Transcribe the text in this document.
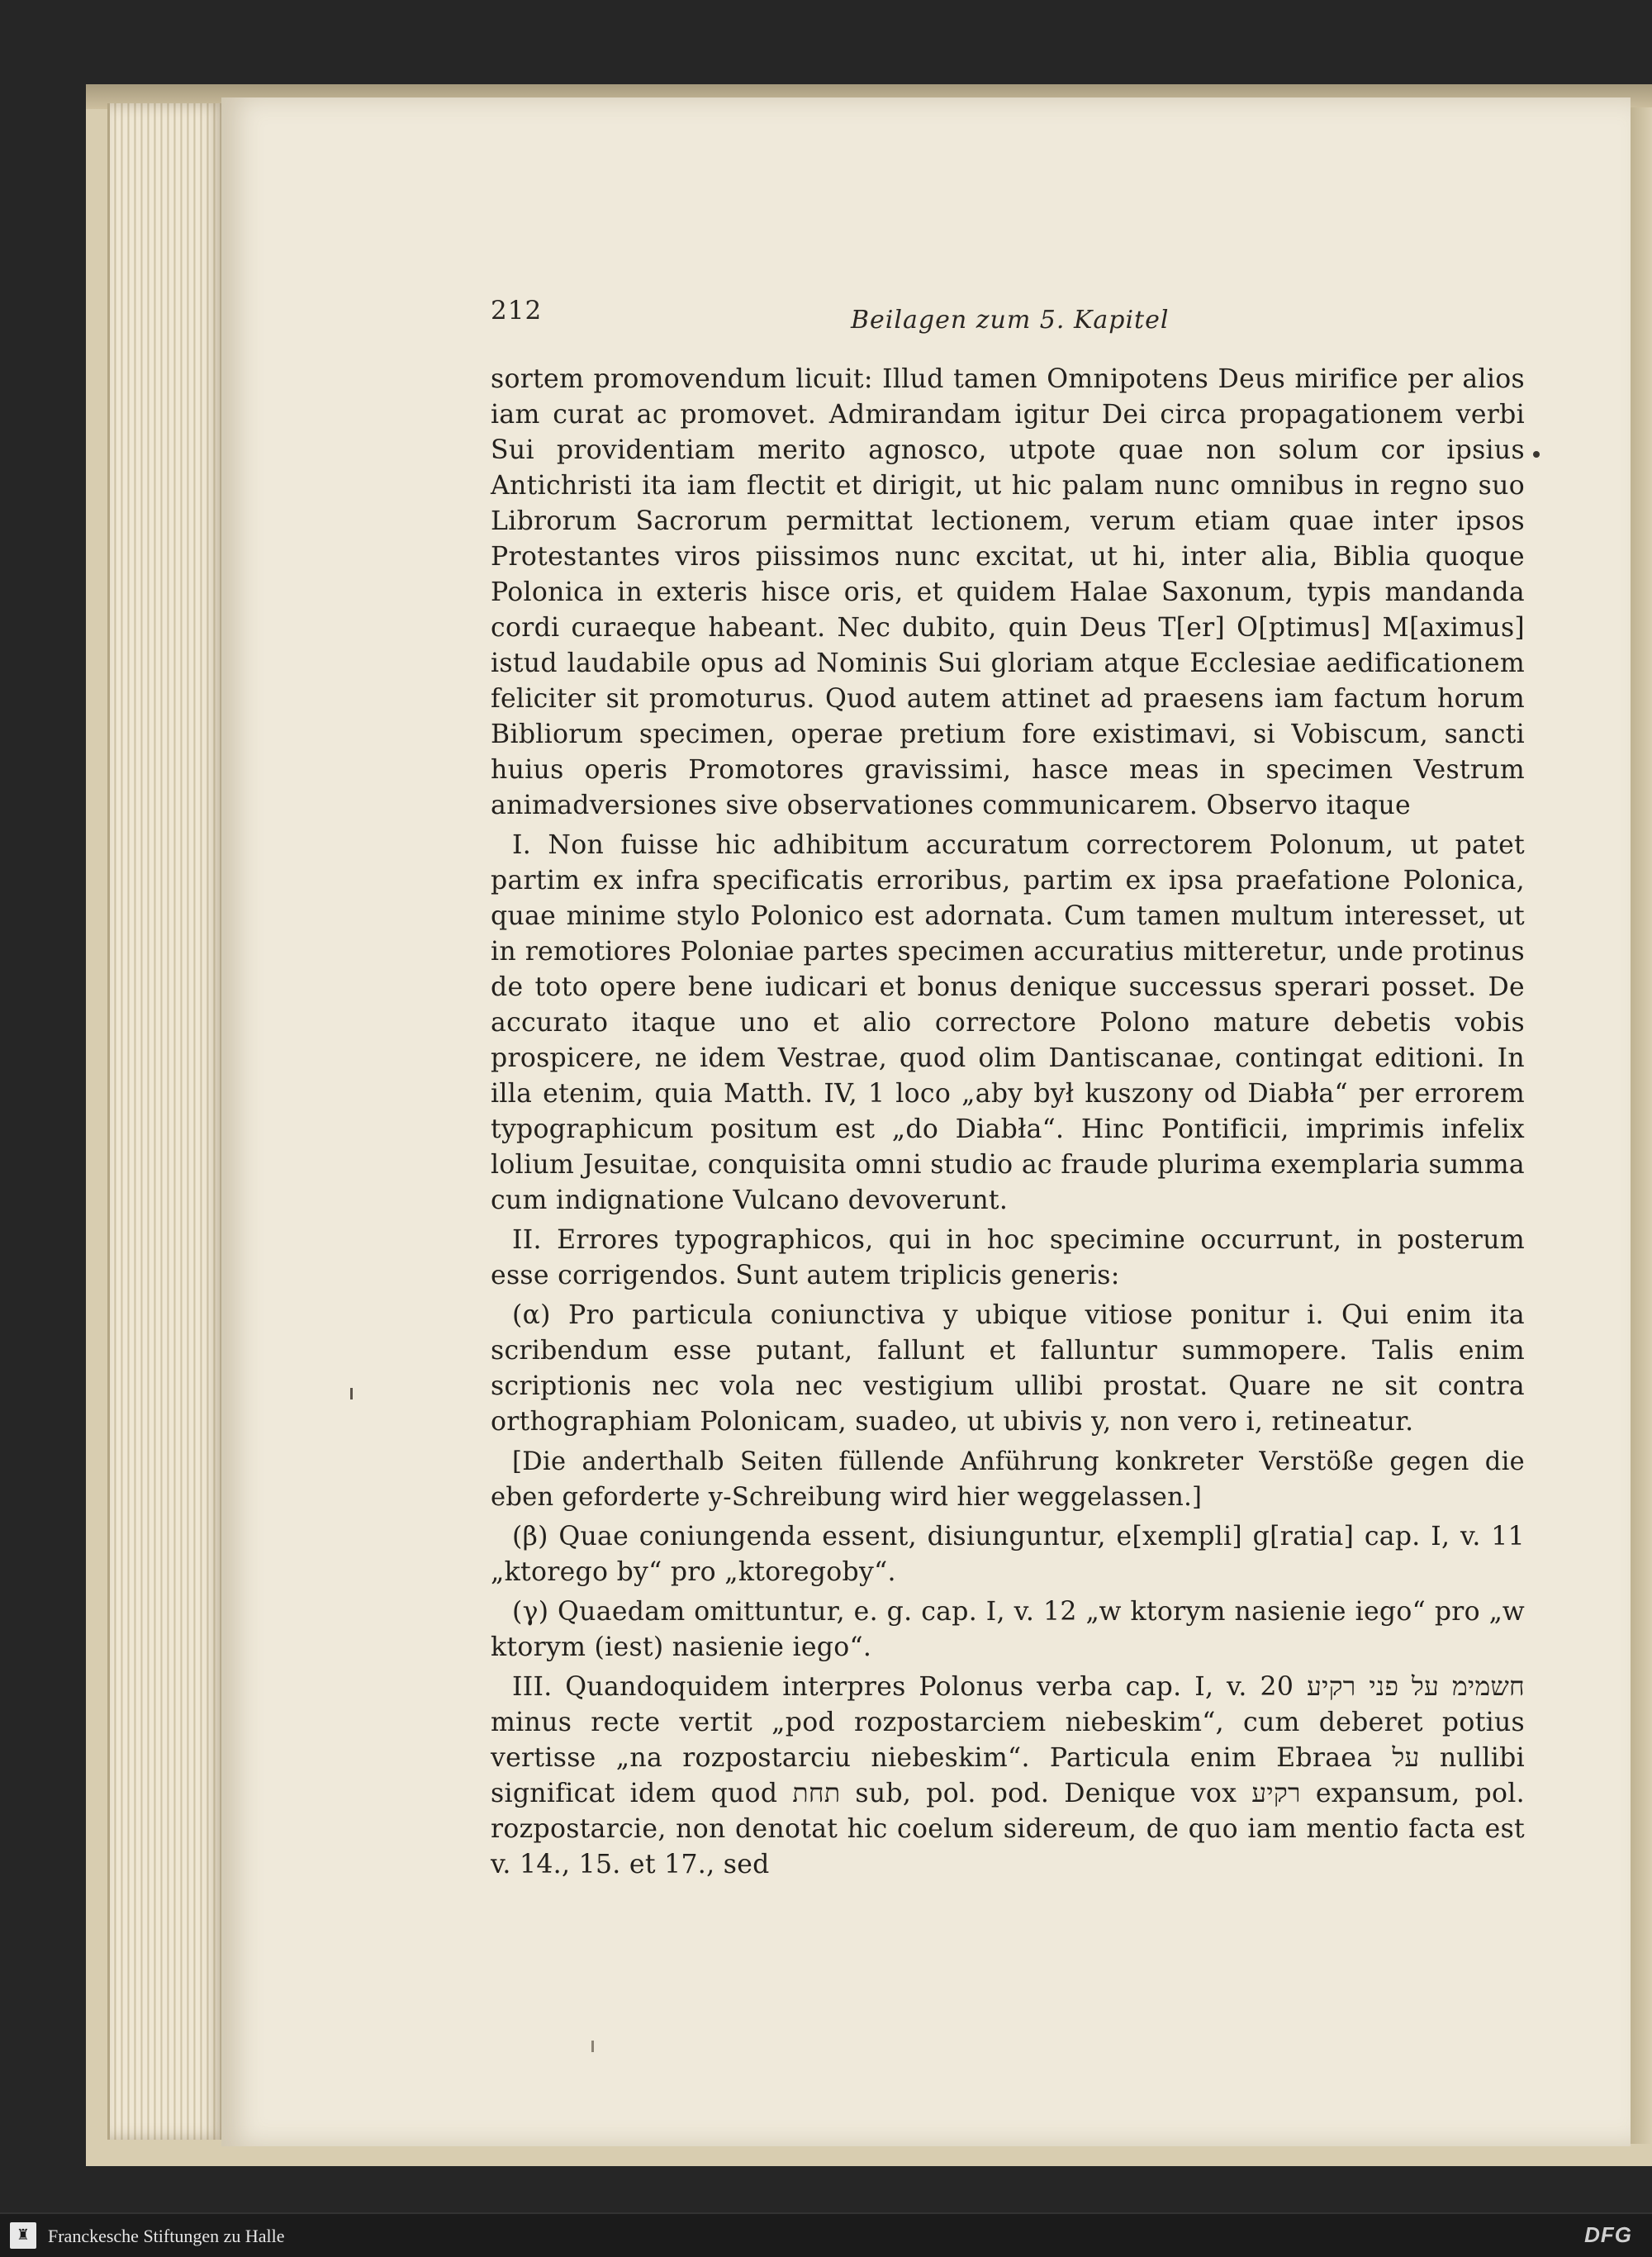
212	Beilagen zum 5. Kapitel

sortem promovendum licuit: Illud tamen Omnipotens Deus mirifice per alios iam curat ac promovet. Admirandam igitur Dei circa propagationem verbi Sui providentiam merito agnosco, utpote quae non solum cor ipsius Antichristi ita iam flectit et dirigit, ut hic palam nunc omnibus in regno suo Librorum Sacrorum permittat lectionem, verum etiam quae inter ipsos Protestantes viros piissimos nunc excitat, ut hi, inter alia, Biblia quoque Polonica in exteris hisce oris, et quidem Halae Saxonum, typis mandanda cordi curaeque habeant. Nec dubito, quin Deus T[er] O[ptimus] M[aximus] istud laudabile opus ad Nominis Sui gloriam atque Ecclesiae aedificationem feliciter sit promoturus. Quod autem attinet ad praesens iam factum horum Bibliorum specimen, operae pretium fore existimavi, si Vobiscum, sancti huius operis Promotores gravissimi, hasce meas in specimen Vestrum animadversiones sive observationes communicarem. Observo itaque

I. Non fuisse hic adhibitum accuratum correctorem Polonum, ut patet partim ex infra specificatis erroribus, partim ex ipsa praefatione Polonica, quae minime stylo Polonico est adornata. Cum tamen multum interesset, ut in remotiores Poloniae partes specimen accuratius mitteretur, unde protinus de toto opere bene iudicari et bonus denique successus sperari posset. De accurato itaque uno et alio correctore Polono mature debetis vobis prospicere, ne idem Vestrae, quod olim Dantiscanae, contingat editioni. In illa etenim, quia Matth. IV, 1 loco „aby był kuszony od Diabła“ per errorem typographicum positum est „do Diabła“. Hinc Pontificii, imprimis infelix lolium Jesuitae, conquisita omni studio ac fraude plurima exemplaria summa cum indignatione Vulcano devoverunt.

II. Errores typographicos, qui in hoc specimine occurrunt, in posterum esse corrigendos. Sunt autem triplicis generis:

(α) Pro particula coniunctiva y ubique vitiose ponitur i. Qui enim ita scribendum esse putant, fallunt et falluntur summopere. Talis enim scriptionis nec vola nec vestigium ullibi prostat. Quare ne sit contra orthographiam Polonicam, suadeo, ut ubivis y, non vero i, retineatur.

[Die anderthalb Seiten füllende Anführung konkreter Verstöße gegen die eben geforderte y-Schreibung wird hier weggelassen.]

(β) Quae coniungenda essent, disiunguntur, e[xempli] g[ratia] cap. I, v. 11 „ktorego by“ pro „ktoregoby“.

(γ) Quaedam omittuntur, e. g. cap. I, v. 12 „w ktorym nasienie iego“ pro „w ktorym (iest) nasienie iego“.

III. Quandoquidem interpres Polonus verba cap. I, v. 20 חשמימ על פני רקיע minus recte vertit „pod rozpostarciem niebeskim“, cum deberet potius vertisse „na rozpostarciu niebeskim“. Particula enim Ebraea על nullibi significat idem quod תחת sub, pol. pod. Denique vox רקיע expansum, pol. rozpostarcie, non denotat hic coelum sidereum, de quo iam mentio facta est v. 14., 15. et 17., sed

♜ Franckesche Stiftungen zu Halle	DFG
